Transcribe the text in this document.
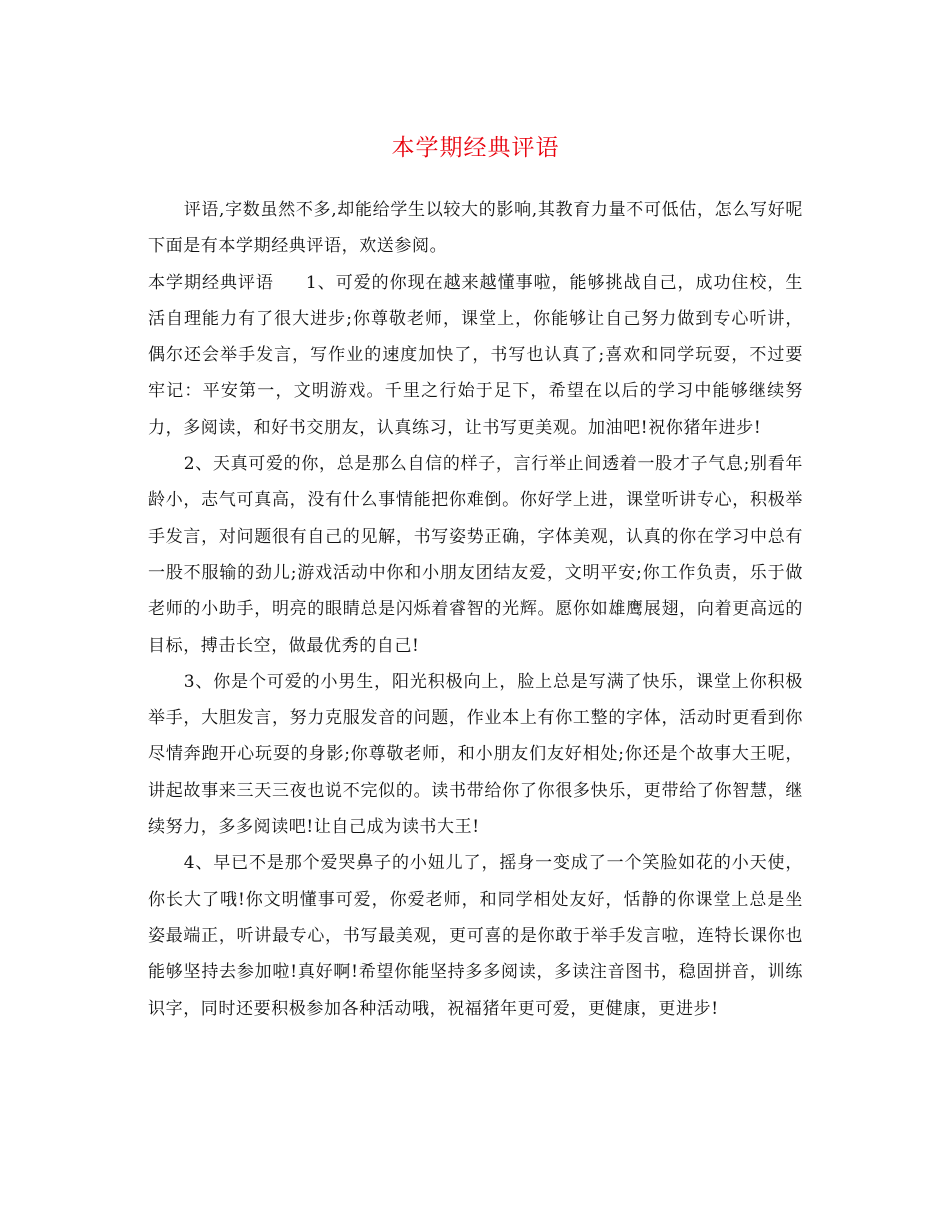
本学期经典评语

评语,字数虽然不多,却能给学生以较大的影响,其教育力量不可低估，怎么写好呢下面是有本学期经典评语，欢送参阅。

本学期经典评语 1、可爱的你现在越来越懂事啦，能够挑战自己，成功住校，生活自理能力有了很大进步;你尊敬老师，课堂上，你能够让自己努力做到专心听讲，偶尔还会举手发言，写作业的速度加快了，书写也认真了;喜欢和同学玩耍，不过要牢记：平安第一，文明游戏。千里之行始于足下，希望在以后的学习中能够继续努力，多阅读，和好书交朋友，认真练习，让书写更美观。加油吧!祝你猪年进步!

2、天真可爱的你，总是那么自信的样子，言行举止间透着一股才子气息;别看年龄小，志气可真高，没有什么事情能把你难倒。你好学上进，课堂听讲专心，积极举手发言，对问题很有自己的见解，书写姿势正确，字体美观，认真的你在学习中总有一股不服输的劲儿;游戏活动中你和小朋友团结友爱，文明平安;你工作负责，乐于做老师的小助手，明亮的眼睛总是闪烁着睿智的光辉。愿你如雄鹰展翅，向着更高远的目标，搏击长空，做最优秀的自己!

3、你是个可爱的小男生，阳光积极向上，脸上总是写满了快乐，课堂上你积极举手，大胆发言，努力克服发音的问题，作业本上有你工整的字体，活动时更看到你尽情奔跑开心玩耍的身影;你尊敬老师，和小朋友们友好相处;你还是个故事大王呢，讲起故事来三天三夜也说不完似的。读书带给你了你很多快乐，更带给了你智慧，继续努力，多多阅读吧!让自己成为读书大王!

4、早已不是那个爱哭鼻子的小妞儿了，摇身一变成了一个笑脸如花的小天使，你长大了哦!你文明懂事可爱，你爱老师，和同学相处友好，恬静的你课堂上总是坐姿最端正，听讲最专心，书写最美观，更可喜的是你敢于举手发言啦，连特长课你也能够坚持去参加啦!真好啊!希望你能坚持多多阅读，多读注音图书，稳固拼音，训练识字，同时还要积极参加各种活动哦，祝福猪年更可爱，更健康，更进步!
